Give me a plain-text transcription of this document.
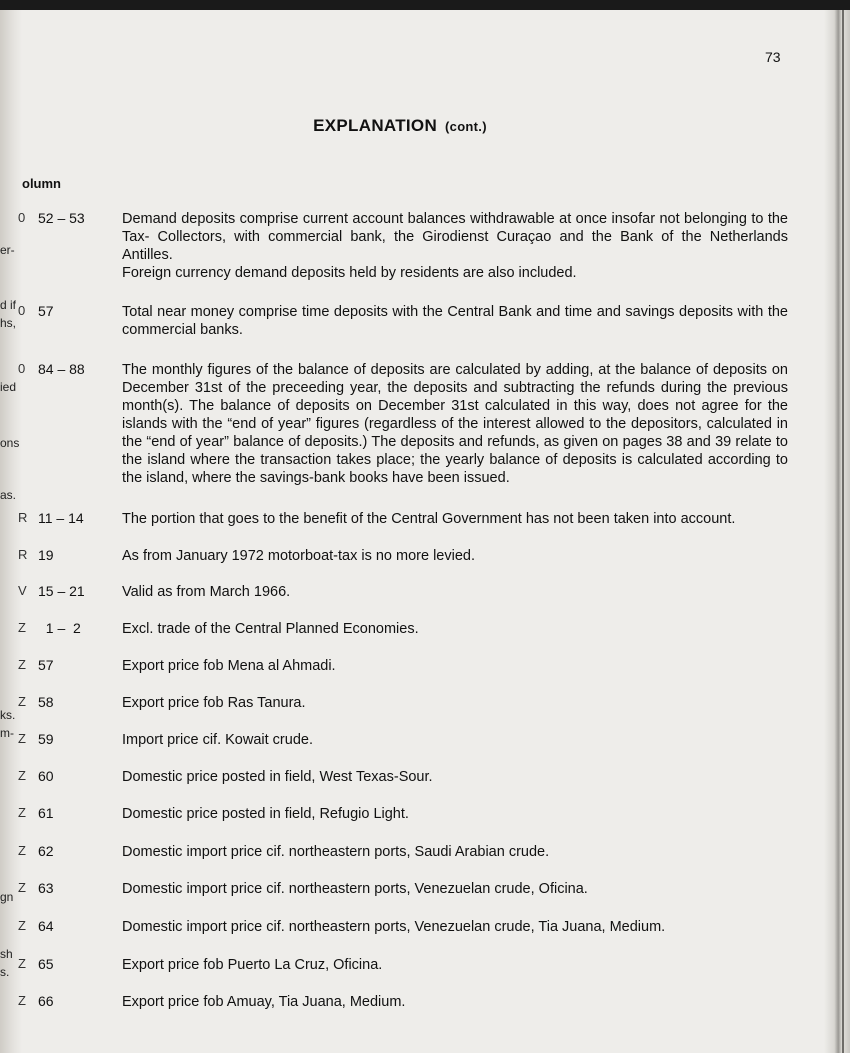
73
EXPLANATION (cont.)
olumn
d if
hs,
er-
ied
ons
as.
ks.
m-
gn
sh
s.
0 52 – 53	Demand deposits comprise current account balances withdrawable at once insofar not belonging to the Tax- Collectors, with commercial bank, the Girodienst Curaçao and the Bank of the Netherlands Antilles.

Foreign currency demand deposits held by residents are also included.

0 57	Total near money comprise time deposits with the Central Bank and time and savings deposits with the commercial banks.

0 84 – 88	The monthly figures of the balance of deposits are calculated by adding, at the balance of deposits on December 31st of the preceeding year, the deposits and subtracting the refunds during the previous month(s). The balance of deposits on December 31st calculated in this way, does not agree for the islands with the “end of year” figures (regardless of the interest allowed to the depositors, calculated in the “end of year” balance of deposits.) The deposits and refunds, as given on pages 38 and 39 relate to the island where the transaction takes place; the yearly balance of deposits is calculated according to the island, where the savings-bank books have been issued.

R 11 – 14	The portion that goes to the benefit of the Central Government has not been taken into account.

R 19	As from January 1972 motorboat-tax is no more levied.

V 15 – 21	Valid as from March 1966.

Z 1 –  2	Excl. trade of the Central Planned Economies.

Z 57	Export price fob Mena al Ahmadi.

Z 58	Export price fob Ras Tanura.

Z 59	Import price cif. Kowait crude.

Z 60	Domestic price posted in field, West Texas-Sour.

Z 61	Domestic price posted in field, Refugio Light.

Z 62	Domestic import price cif. northeastern ports, Saudi Arabian crude.

Z 63	Domestic import price cif. northeastern ports, Venezuelan crude, Oficina.

Z 64	Domestic import price cif. northeastern ports, Venezuelan crude, Tia Juana, Medium.

Z 65	Export price fob Puerto La Cruz, Oficina.

Z 66	Export price fob Amuay, Tia Juana, Medium.
